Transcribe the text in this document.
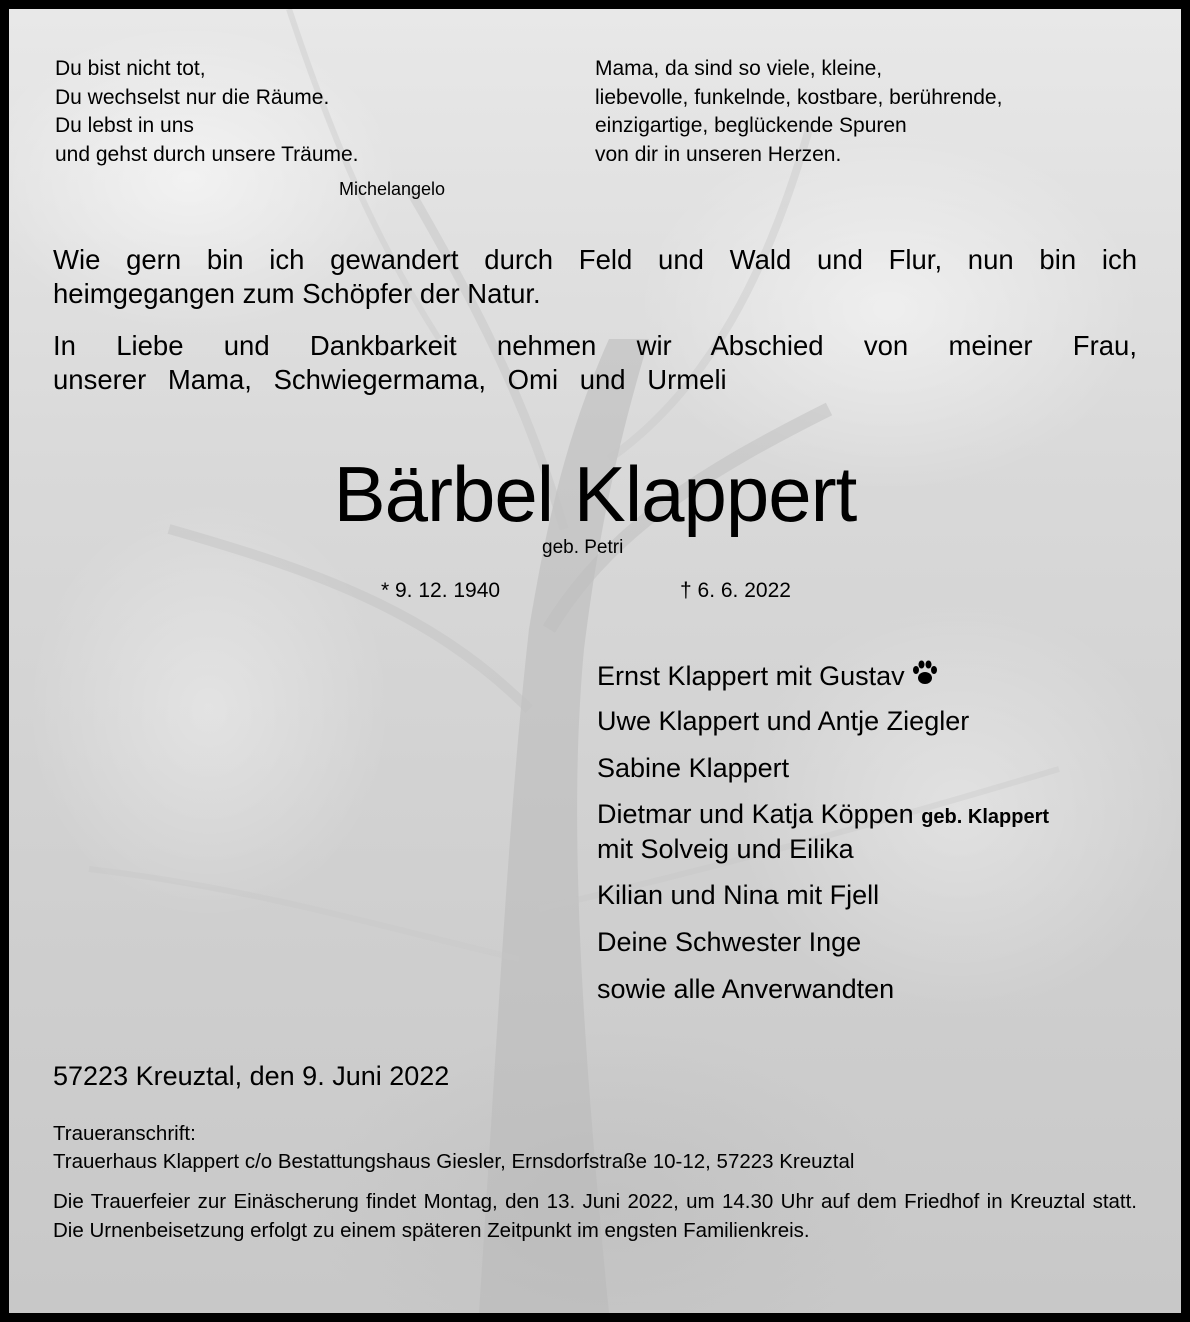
Du bist nicht tot,
Du wechselst nur die Räume.
Du lebst in uns
und gehst durch unsere Träume.
Michelangelo
Mama, da sind so viele, kleine,
liebevolle, funkelnde, kostbare, berührende,
einzigartige, beglückende Spuren
von dir in unseren Herzen.
Wie gern bin ich gewandert durch Feld und Wald und Flur, nun bin ich
heimgegangen zum Schöpfer der Natur.
In Liebe und Dankbarkeit nehmen wir Abschied von meiner Frau,
unserer Mama, Schwiegermama, Omi und Urmeli
Bärbel Klappert
geb. Petri
* 9. 12. 1940	† 6. 6. 2022
Ernst Klappert mit Gustav
Uwe Klappert und Antje Ziegler
Sabine Klappert
Dietmar und Katja Köppen geb. Klappert
mit Solveig und Eilika
Kilian und Nina mit Fjell
Deine Schwester Inge
sowie alle Anverwandten
57223 Kreuztal, den 9. Juni 2022
Traueranschrift:
Trauerhaus Klappert c/o Bestattungshaus Giesler, Ernsdorfstraße 10-12, 57223 Kreuztal
Die Trauerfeier zur Einäscherung findet Montag, den 13. Juni 2022, um 14.30 Uhr auf dem Friedhof in Kreuztal statt. Die Urnenbeisetzung erfolgt zu einem späteren Zeitpunkt im engsten Familienkreis.
